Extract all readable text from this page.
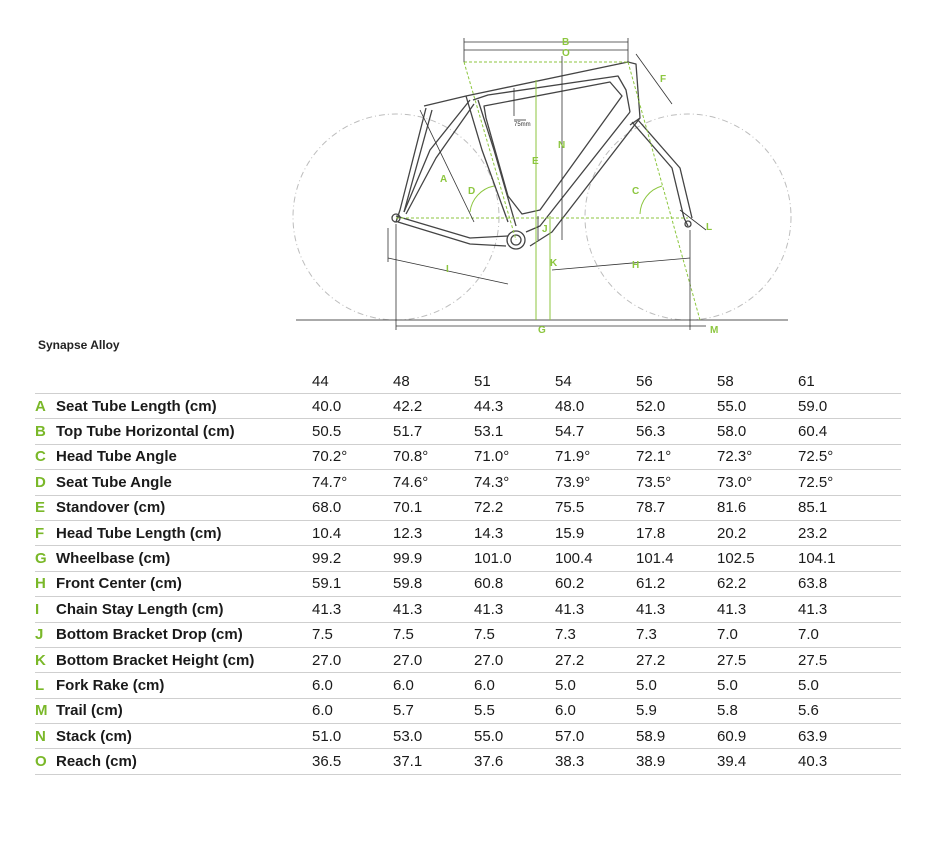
B
O
F
E
N
A
D	C
L
J
K
I	H
G	M
75mm
Synapse Alloy
		44	48	51	54	56	58	61
A	Seat Tube Length (cm)	40.0	42.2	44.3	48.0	52.0	55.0	59.0
B	Top Tube Horizontal (cm)	50.5	51.7	53.1	54.7	56.3	58.0	60.4
C	Head Tube Angle	70.2°	70.8°	71.0°	71.9°	72.1°	72.3°	72.5°
D	Seat Tube Angle	74.7°	74.6°	74.3°	73.9°	73.5°	73.0°	72.5°
E	Standover (cm)	68.0	70.1	72.2	75.5	78.7	81.6	85.1
F	Head Tube Length (cm)	10.4	12.3	14.3	15.9	17.8	20.2	23.2
G	Wheelbase (cm)	99.2	99.9	101.0	100.4	101.4	102.5	104.1
H	Front Center (cm)	59.1	59.8	60.8	60.2	61.2	62.2	63.8
I	Chain Stay Length (cm)	41.3	41.3	41.3	41.3	41.3	41.3	41.3
J	Bottom Bracket Drop (cm)	7.5	7.5	7.5	7.3	7.3	7.0	7.0
K	Bottom Bracket Height (cm)	27.0	27.0	27.0	27.2	27.2	27.5	27.5
L	Fork Rake (cm)	6.0	6.0	6.0	5.0	5.0	5.0	5.0
M	Trail (cm)	6.0	5.7	5.5	6.0	5.9	5.8	5.6
N	Stack (cm)	51.0	53.0	55.0	57.0	58.9	60.9	63.9
O	Reach (cm)	36.5	37.1	37.6	38.3	38.9	39.4	40.3
